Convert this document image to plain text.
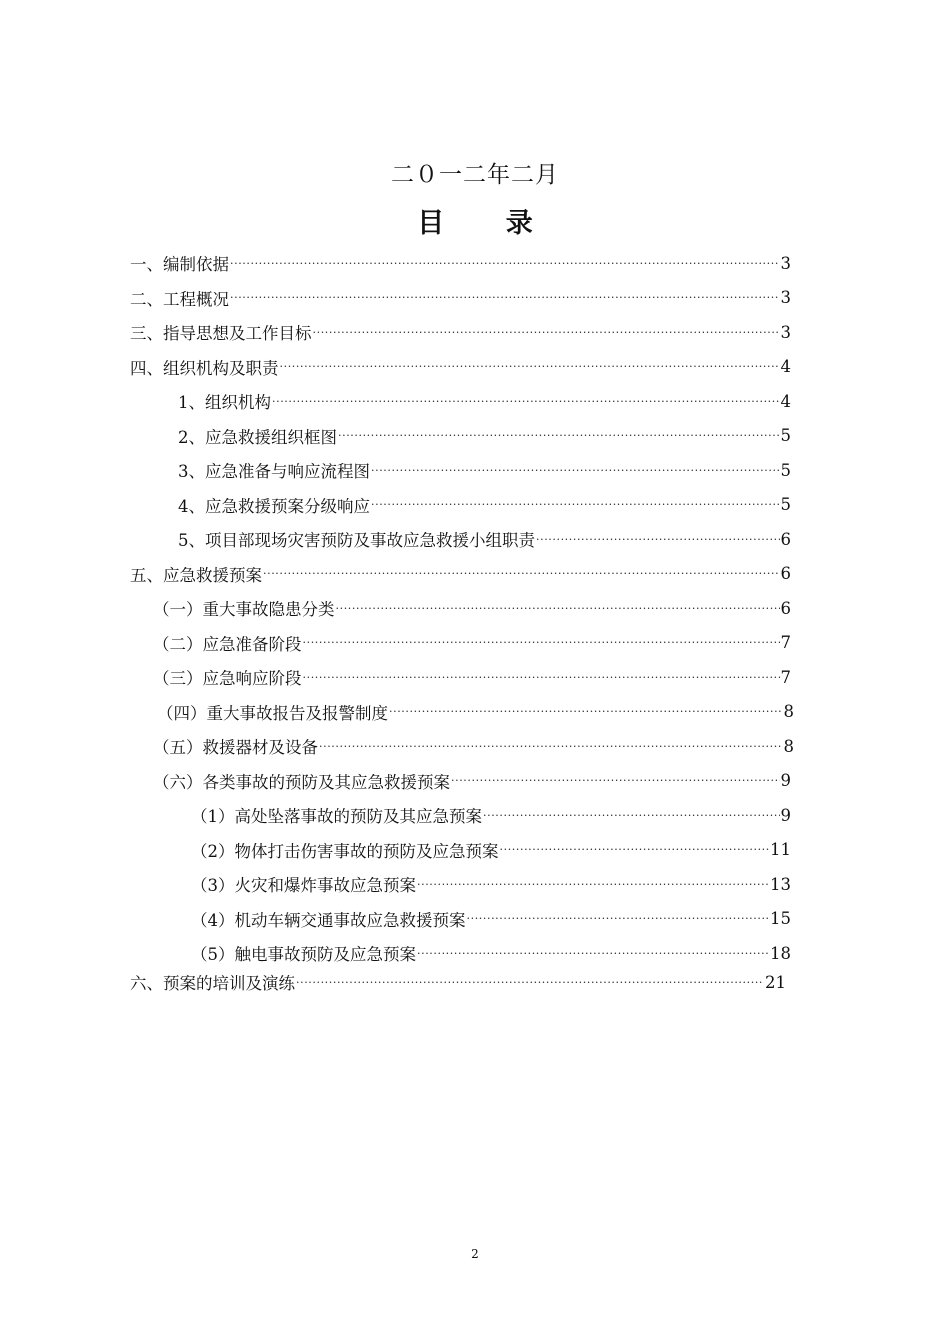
二０一二年二月
目 录
一、编制依据 ·····	3
二、工程概况 ·····	3
三、指导思想及工作目标 ·····	3
四、组织机构及职责 ·····	4
1、组织机构 ·····	4
2、应急救援组织框图 ·····	5
3、应急准备与响应流程图 ·····	5
4、应急救援预案分级响应 ·····	5
5、项目部现场灾害预防及事故应急救援小组职责 ·····	6
五、应急救援预案 ·····	6
（一）重大事故隐患分类 ·····	6
（二）应急准备阶段 ·····	7
（三）应急响应阶段 ·····	7
（四）重大事故报告及报警制度 ·····	8
（五）救援器材及设备 ·····	8
（六）各类事故的预防及其应急救援预案 ·····	9
（1）高处坠落事故的预防及其应急预案 ·····	9
（2）物体打击伤害事故的预防及应急预案 ·····	11
（3）火灾和爆炸事故应急预案 ·····	13
（4）机动车辆交通事故应急救援预案 ·····	15
（5）触电事故预防及应急预案 ·····	18
六、预案的培训及演练 ·····	21
2
